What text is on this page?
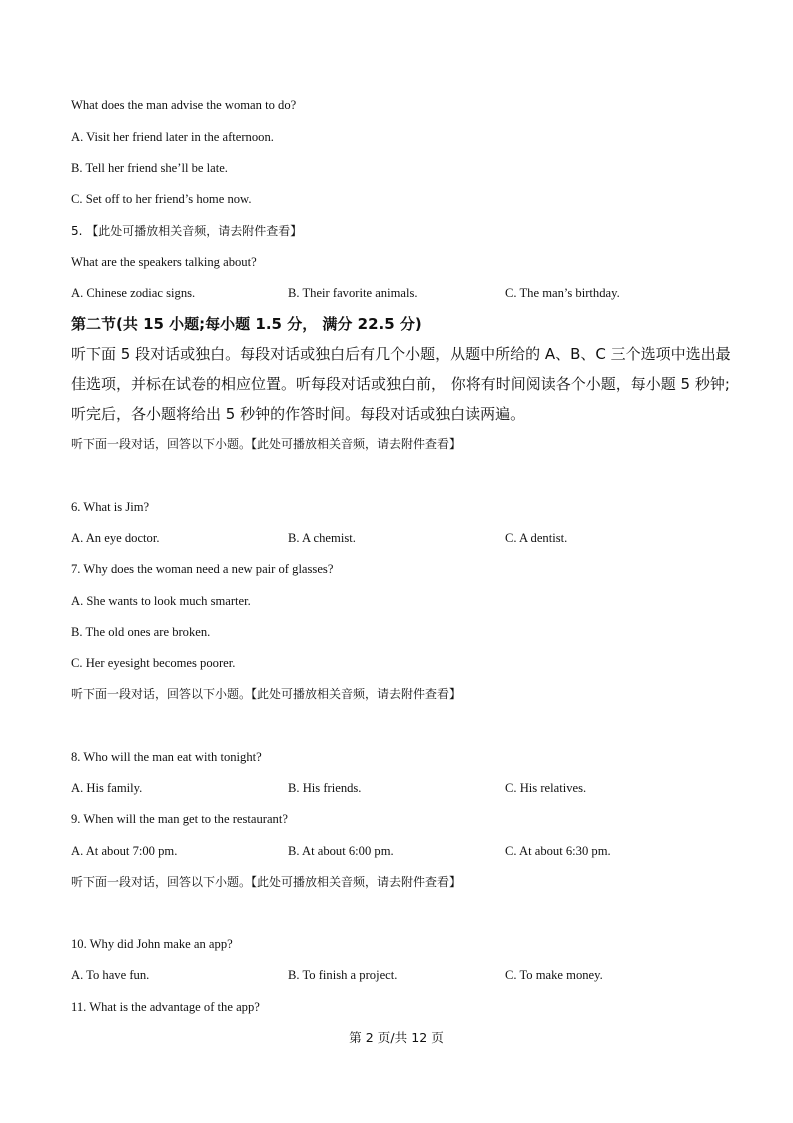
What does the man advise the woman to do?
A. Visit her friend later in the afternoon.
B. Tell her friend she’ll be late.
C. Set off to her friend’s home now.
5. 【此处可播放相关音频，请去附件查看】
What are the speakers talking about?
A. Chinese zodiac signs.	B. Their favorite animals.	C. The man’s birthday.
第二节(共 15 小题;每小题 1.5 分， 满分 22.5 分)
听下面 5 段对话或独白。每段对话或独白后有几个小题，从题中所给的 A、B、C 三个选项中选出最佳选项，并标在试卷的相应位置。听每段对话或独白前， 你将有时间阅读各个小题，每小题 5 秒钟;听完后，各小题将给出 5 秒钟的作答时间。每段对话或独白读两遍。
听下面一段对话，回答以下小题。【此处可播放相关音频，请去附件查看】
6. What is Jim?
A. An eye doctor.	B. A chemist.	C. A dentist.
7. Why does the woman need a new pair of glasses?
A. She wants to look much smarter.
B. The old ones are broken.
C. Her eyesight becomes poorer.
听下面一段对话，回答以下小题。【此处可播放相关音频，请去附件查看】
8. Who will the man eat with tonight?
A. His family.	B. His friends.	C. His relatives.
9. When will the man get to the restaurant?
A. At about 7:00 pm.	B. At about 6:00 pm.	C. At about 6:30 pm.
听下面一段对话，回答以下小题。【此处可播放相关音频，请去附件查看】
10. Why did John make an app?
A. To have fun.	B. To finish a project.	C. To make money.
11. What is the advantage of the app?
第 2 页/共 12 页
